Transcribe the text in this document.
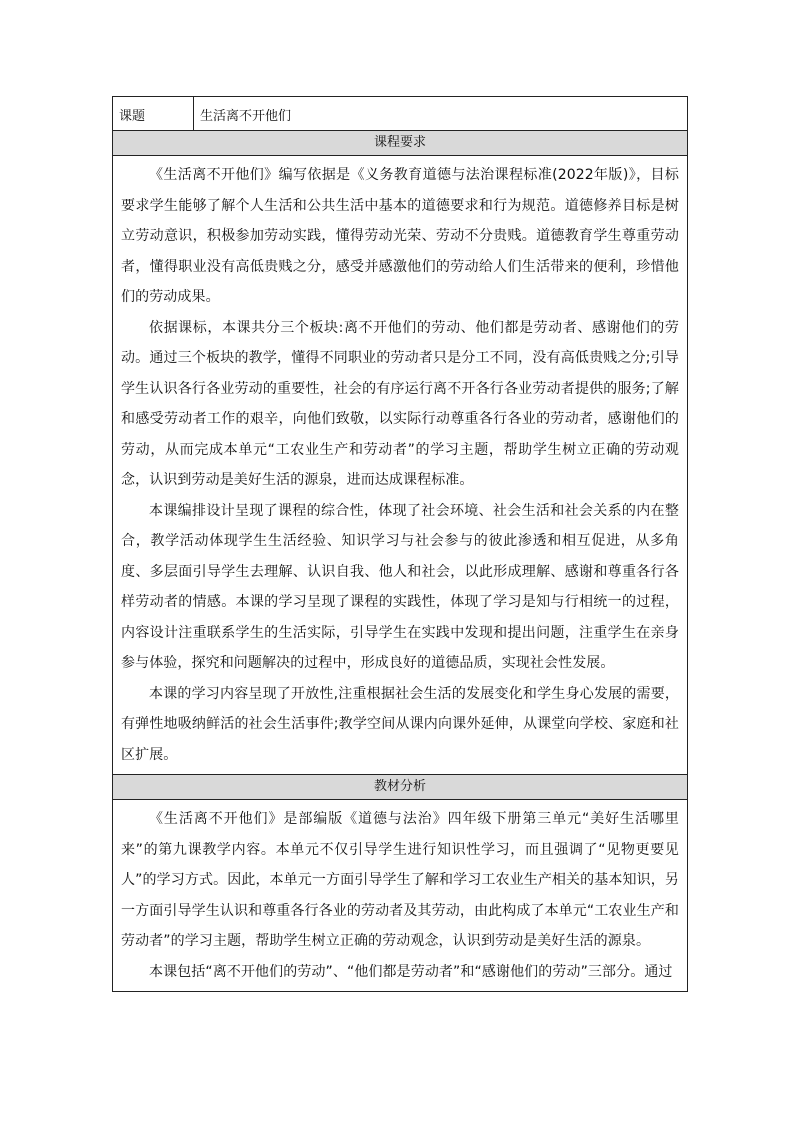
课题	生活离不开他们
课程要求

《生活离不开他们》编写依据是《义务教育道德与法治课程标准(2022年版)》，目标要求学生能够了解个人生活和公共生活中基本的道德要求和行为规范。道德修养目标是树立劳动意识，积极参加劳动实践，懂得劳动光荣、劳动不分贵贱。道德教育学生尊重劳动者，懂得职业没有高低贵贱之分，感受并感激他们的劳动给人们生活带来的便利，珍惜他们的劳动成果。

依据课标，本课共分三个板块:离不开他们的劳动、他们都是劳动者、感谢他们的劳动。通过三个板块的教学，懂得不同职业的劳动者只是分工不同，没有高低贵贱之分;引导学生认识各行各业劳动的重要性，社会的有序运行离不开各行各业劳动者提供的服务;了解和感受劳动者工作的艰辛，向他们致敬，以实际行动尊重各行各业的劳动者，感谢他们的劳动，从而完成本单元“工农业生产和劳动者”的学习主题，帮助学生树立正确的劳动观念，认识到劳动是美好生活的源泉，进而达成课程标准。

本课编排设计呈现了课程的综合性，体现了社会环境、社会生活和社会关系的内在整合，教学活动体现学生生活经验、知识学习与社会参与的彼此渗透和相互促进，从多角度、多层面引导学生去理解、认识自我、他人和社会，以此形成理解、感谢和尊重各行各样劳动者的情感。本课的学习呈现了课程的实践性，体现了学习是知与行相统一的过程，内容设计注重联系学生的生活实际，引导学生在实践中发现和提出问题，注重学生在亲身参与体验，探究和问题解决的过程中，形成良好的道德品质，实现社会性发展。

本课的学习内容呈现了开放性,注重根据社会生活的发展变化和学生身心发展的需要，有弹性地吸纳鲜活的社会生活事件;教学空间从课内向课外延伸，从课堂向学校、家庭和社区扩展。

教材分析

《生活离不开他们》是部编版《道德与法治》四年级下册第三单元“美好生活哪里来”的第九课教学内容。本单元不仅引导学生进行知识性学习，而且强调了“见物更要见人”的学习方式。因此，本单元一方面引导学生了解和学习工农业生产相关的基本知识，另一方面引导学生认识和尊重各行各业的劳动者及其劳动，由此构成了本单元“工农业生产和劳动者”的学习主题，帮助学生树立正确的劳动观念，认识到劳动是美好生活的源泉。

本课包括“离不开他们的劳动”、“他们都是劳动者”和“感谢他们的劳动”三部分。通过
